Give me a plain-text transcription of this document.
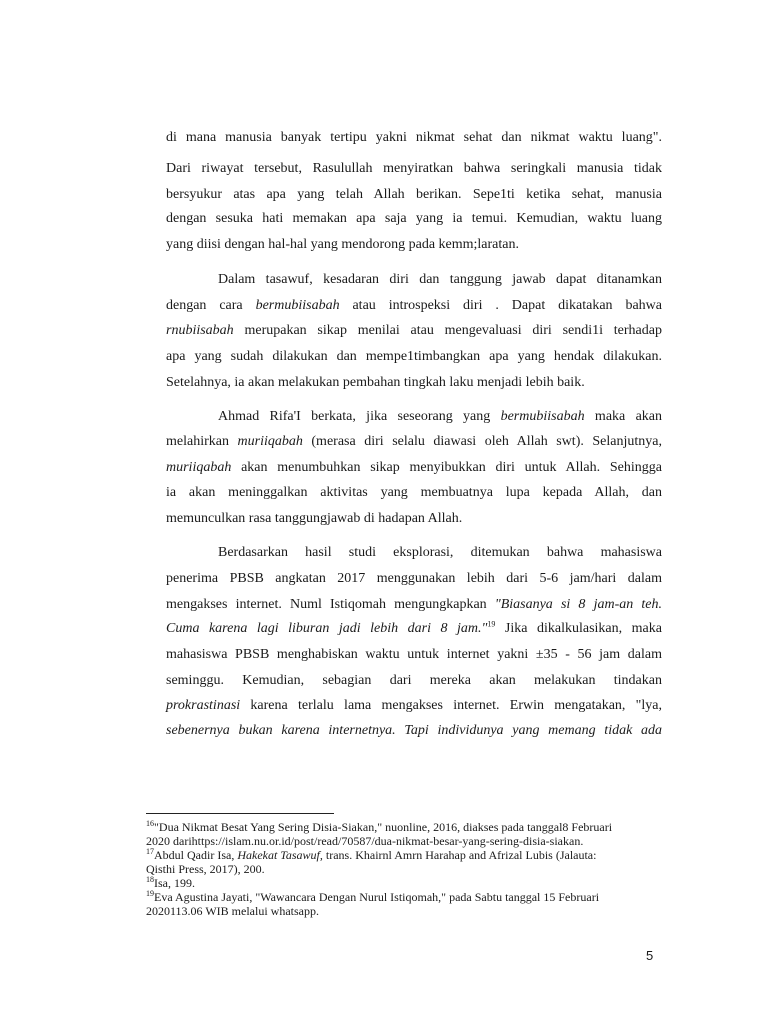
di mana manusia banyak tertipu yakni nikmat sehat dan nikmat waktu luang".
Dari riwayat tersebut, Rasulullah menyiratkan bahwa seringkali manusia tidak
bersyukur atas apa yang telah Allah berikan. Sepe1ti ketika sehat, manusia
dengan sesuka hati memakan apa saja yang ia temui. Kemudian, waktu luang
yang diisi dengan hal-hal yang mendorong pada kemm;laratan.
Dalam tasawuf, kesadaran diri dan tanggung jawab dapat ditanamkan
dengan cara bermubiisabah atau introspeksi diri . Dapat dikatakan bahwa
rnubiisabah merupakan sikap menilai atau mengevaluasi diri sendi1i terhadap
apa yang sudah dilakukan dan mempe1timbangkan apa yang hendak dilakukan.
Setelahnya, ia akan melakukan pembahan tingkah laku menjadi lebih baik.
Ahmad Rifa'I berkata, jika seseorang yang bermubiisabah maka akan
melahirkan muriiqabah (merasa diri selalu diawasi oleh Allah swt). Selanjutnya,
muriiqabah akan menumbuhkan sikap menyibukkan diri untuk Allah. Sehingga
ia akan meninggalkan aktivitas yang membuatnya lupa kepada Allah, dan
memunculkan rasa tanggungjawab di hadapan Allah.
Berdasarkan hasil studi eksplorasi, ditemukan bahwa mahasiswa
penerima PBSB angkatan 2017 menggunakan lebih dari 5-6 jam/hari dalam
mengakses internet. Numl Istiqomah mengungkapkan "Biasanya si 8 jam-an teh.
Cuma karena lagi liburan jadi lebih dari 8 jam."$^{19}$ Jika dikalkulasikan, maka
mahasiswa PBSB menghabiskan waktu untuk internet yakni ±35 - 56 jam dalam
seminggu. Kemudian, sebagian dari mereka akan melakukan tindakan
prokrastinasi karena terlalu lama mengakses internet. Erwin mengatakan, "lya,
sebenernya bukan karena internetnya. Tapi individunya yang memang tidak ada
$^{16}$"Dua Nikmat Besat Yang Sering Disia-Siakan," nuonline, 2016, diakses pada tanggal8 Februari
2020 darihttps://islam.nu.or.id/post/read/70587/dua-nikmat-besar-yang-sering-disia-siakan.
$^{17}$Abdul Qadir Isa, Hakekat Tasawuf, trans. Khairnl Amrn Harahap and Afrizal Lubis (Jalauta:
Qisthi Press, 2017), 200.
$^{18}$Isa, 199.
$^{19}$Eva Agustina Jayati, "Wawancara Dengan Nurul Istiqomah," pada Sabtu tanggal 15 Februari
2020113.06 WIB melalui whatsapp.
5
